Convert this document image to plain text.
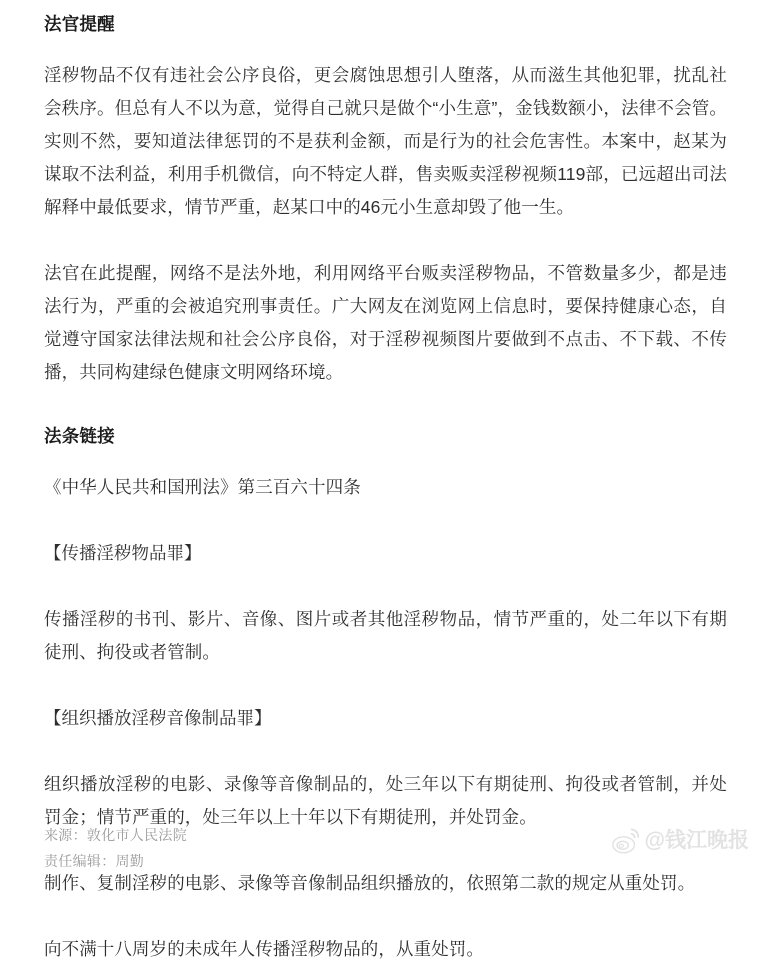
法官提醒

淫秽物品不仅有违社会公序良俗，更会腐蚀思想引人堕落，从而滋生其他犯罪，扰乱社会秩序。但总有人不以为意，觉得自己就只是做个“小生意”，金钱数额小，法律不会管。实则不然，要知道法律惩罚的不是获利金额，而是行为的社会危害性。本案中，赵某为谋取不法利益，利用手机微信，向不特定人群，售卖贩卖淫秽视频119部，已远超出司法解释中最低要求，情节严重，赵某口中的46元小生意却毁了他一生。

法官在此提醒，网络不是法外地，利用网络平台贩卖淫秽物品，不管数量多少，都是违法行为，严重的会被追究刑事责任。广大网友在浏览网上信息时，要保持健康心态，自觉遵守国家法律法规和社会公序良俗，对于淫秽视频图片要做到不点击、不下载、不传播，共同构建绿色健康文明网络环境。

法条链接

《中华人民共和国刑法》第三百六十四条

【传播淫秽物品罪】

传播淫秽的书刊、影片、音像、图片或者其他淫秽物品，情节严重的，处二年以下有期徒刑、拘役或者管制。

【组织播放淫秽音像制品罪】

组织播放淫秽的电影、录像等音像制品的，处三年以下有期徒刑、拘役或者管制，并处罚金；情节严重的，处三年以上十年以下有期徒刑，并处罚金。

制作、复制淫秽的电影、录像等音像制品组织播放的，依照第二款的规定从重处罚。

向不满十八周岁的未成年人传播淫秽物品的，从重处罚。

来源：敦化市人民法院
责任编辑：周勤
@钱江晚报
